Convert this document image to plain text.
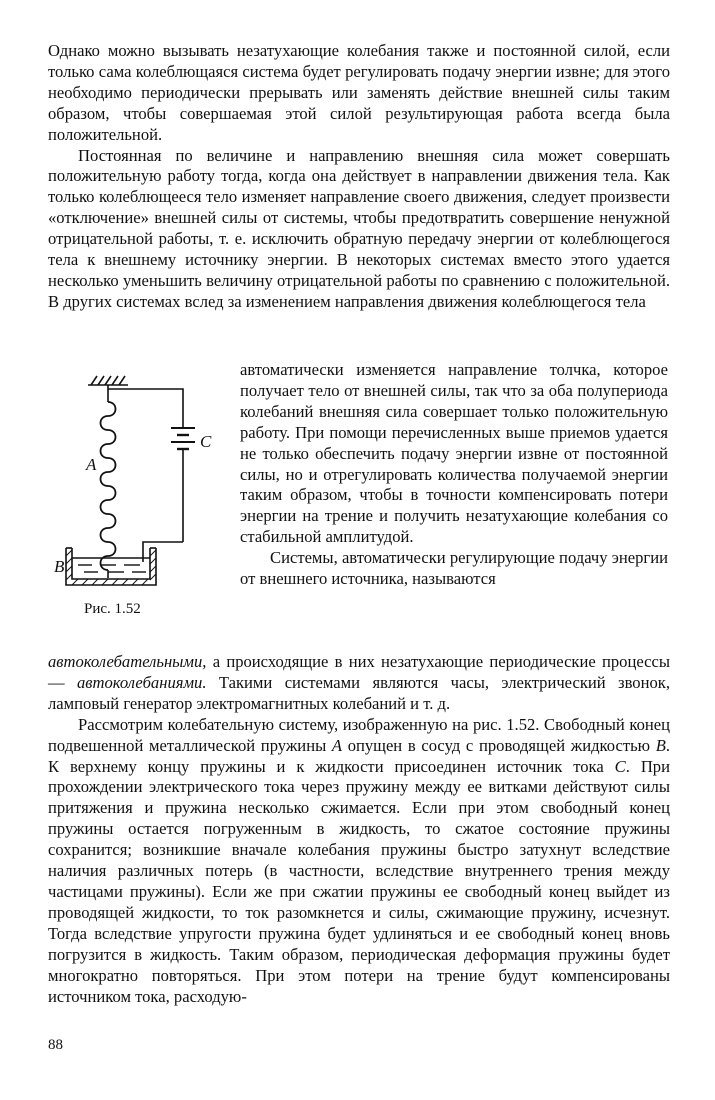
Однако можно вызывать незатухающие колебания также и постоянной силой, если только сама колеблющаяся система будет регулировать подачу энергии извне; для этого необходимо периодически прерывать или заменять действие внешней силы таким образом, чтобы совершаемая этой силой результирующая работа всегда была положительной.

Постоянная по величине и направлению внешняя сила может совершать положительную работу тогда, когда она действует в направлении движения тела. Как только колеблющееся тело изменяет направление своего движения, следует произвести «отключение» внешней силы от системы, чтобы предотвратить совершение ненужной отрицательной работы, т. е. исключить обратную передачу энергии от колеблющегося тела к внешнему источнику энергии. В некоторых системах вместо этого удается несколько уменьшить величину отрицательной работы по сравнению с положительной. В других системах вслед за изменением направления движения колеблющегося тела

A
C
B
Рис. 1.52

автоматически изменяется направление толчка, которое получает тело от внешней силы, так что за оба полупериода колебаний внешняя сила совершает только положительную работу. При помощи перечисленных выше приемов удается не только обеспечить подачу энергии извне от постоянной силы, но и отрегулировать количества получаемой энергии таким образом, чтобы в точности компенсировать потери энергии на трение и получить незатухающие колебания со стабильной амплитудой.

Системы, автоматически регулирующие подачу энергии от внешнего источника, называются

автоколебательными, а происходящие в них незатухающие периодические процессы — автоколебаниями. Такими системами являются часы, электрический звонок, ламповый генератор электромагнитных колебаний и т. д.

Рассмотрим колебательную систему, изображенную на рис. 1.52. Свободный конец подвешенной металлической пружины A опущен в сосуд с проводящей жидкостью B. К верхнему концу пружины и к жидкости присоединен источник тока C. При прохождении электрического тока через пружину между ее витками действуют силы притяжения и пружина несколько сжимается. Если при этом свободный конец пружины остается погруженным в жидкость, то сжатое состояние пружины сохранится; возникшие вначале колебания пружины быстро затухнут вследствие наличия различных потерь (в частности, вследствие внутреннего трения между частицами пружины). Если же при сжатии пружины ее свободный конец выйдет из проводящей жидкости, то ток разомкнется и силы, сжимающие пружину, исчезнут. Тогда вследствие упругости пружина будет удлиняться и ее свободный конец вновь погрузится в жидкость. Таким образом, периодическая деформация пружины будет многократно повторяться. При этом потери на трение будут компенсированы источником тока, расходую-

88
